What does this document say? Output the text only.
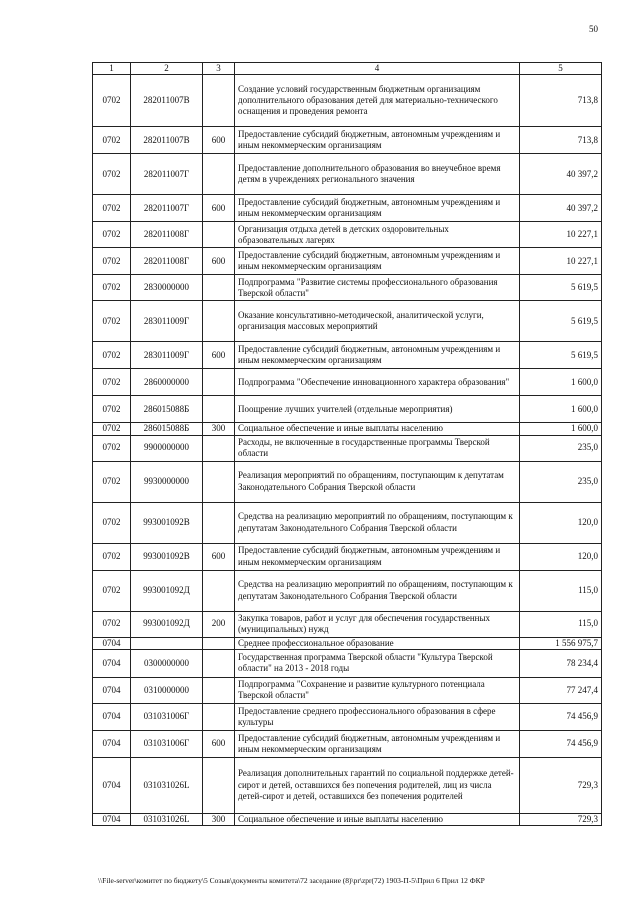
50
1	2	3	4	5
0702	282011007В		Создание условий государственным бюджетным организациям дополнительного образования детей для материально-технического оснащения и проведения ремонта	713,8
0702	282011007В	600	Предоставление субсидий бюджетным, автономным учреждениям и иным некоммерческим организациям	713,8
0702	282011007Г		Предоставление дополнительного образования во внеучебное время детям в учреждениях регионального значения	40 397,2
0702	282011007Г	600	Предоставление субсидий бюджетным, автономным учреждениям и иным некоммерческим организациям	40 397,2
0702	282011008Г		Организация отдыха детей в детских оздоровительных образовательных лагерях	10 227,1
0702	282011008Г	600	Предоставление субсидий бюджетным, автономным учреждениям и иным некоммерческим организациям	10 227,1
0702	2830000000		Подпрограмма "Развитие системы профессионального образования Тверской области"	5 619,5
0702	283011009Г		Оказание консультативно-методической, аналитической услуги, организация массовых мероприятий	5 619,5
0702	283011009Г	600	Предоставление субсидий бюджетным, автономным учреждениям и иным некоммерческим организациям	5 619,5
0702	2860000000		Подпрограмма "Обеспечение инновационного характера образования"	1 600,0
0702	286015088Б		Поощрение лучших учителей (отдельные мероприятия)	1 600,0
0702	286015088Б	300	Социальное обеспечение и иные выплаты населению	1 600,0
0702	9900000000		Расходы, не включенные в государственные программы Тверской области	235,0
0702	9930000000		Реализация мероприятий по обращениям, поступающим к депутатам Законодательного Собрания Тверской области	235,0
0702	993001092В		Средства на реализацию мероприятий по обращениям, поступающим к депутатам Законодательного Собрания Тверской области	120,0
0702	993001092В	600	Предоставление субсидий бюджетным, автономным учреждениям и иным некоммерческим организациям	120,0
0702	993001092Д		Средства на реализацию мероприятий по обращениям, поступающим к депутатам Законодательного Собрания Тверской области	115,0
0702	993001092Д	200	Закупка товаров, работ и услуг для обеспечения государственных (муниципальных) нужд	115,0
0704			Среднее профессиональное образование	1 556 975,7
0704	0300000000		Государственная программа Тверской области "Культура Тверской области" на 2013 - 2018 годы	78 234,4
0704	0310000000		Подпрограмма "Сохранение и развитие культурного потенциала Тверской области"	77 247,4
0704	031031006Г		Предоставление среднего профессионального образования в сфере культуры	74 456,9
0704	031031006Г	600	Предоставление субсидий бюджетным, автономным учреждениям и иным некоммерческим организациям	74 456,9
0704	031031026L		Реализация дополнительных гарантий по социальной поддержке детей-сирот и детей, оставшихся без попечения родителей, лиц из числа детей-сирот и детей, оставшихся без попечения родителей	729,3
0704	031031026L	300	Социальное обеспечение и иные выплаты населению	729,3
\\File-server\комитет по бюджету\5 Созыв\документы комитета\72 заседание (8)\pr\zpr(72) 1903-П-5\Прил 6 Прил 12 ФКР
